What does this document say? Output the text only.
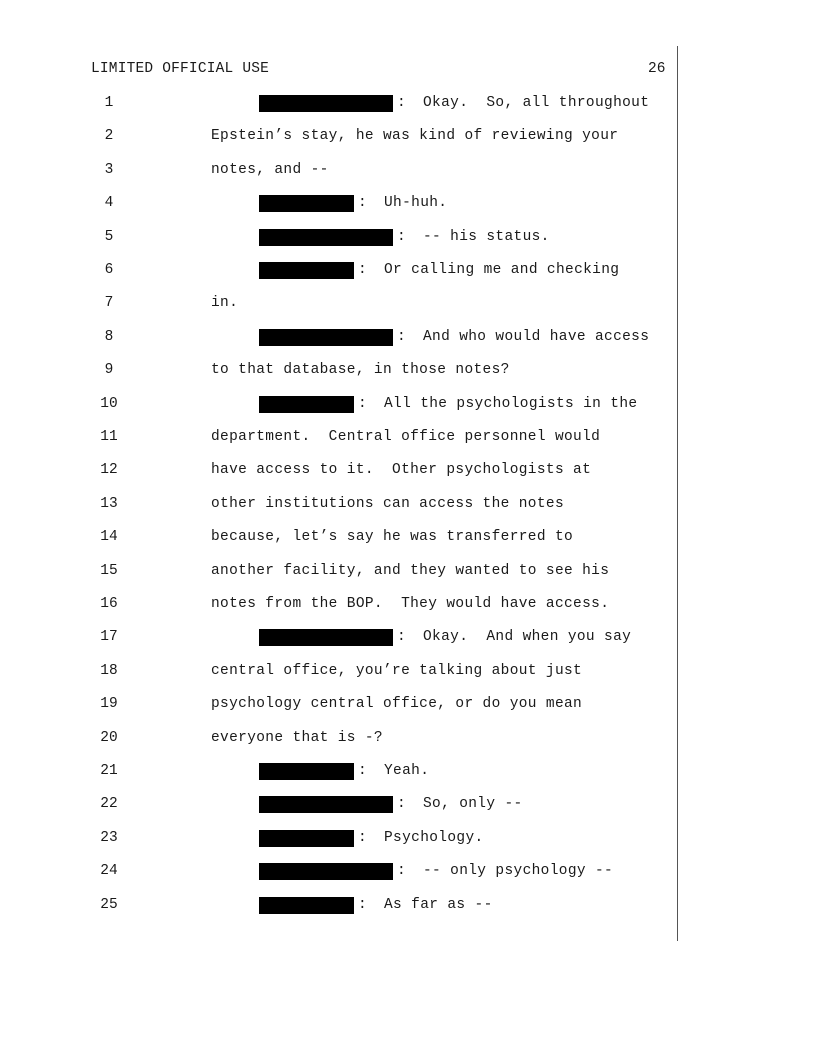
LIMITED OFFICIAL USE	26
1	: Okay.  So, all throughout
2	Epstein’s stay, he was kind of reviewing your
3	notes, and --
4	: Uh-huh.
5	: -- his status.
6	: Or calling me and checking
7	in.
8	: And who would have access
9	to that database, in those notes?
10	: All the psychologists in the
11	department.  Central office personnel would
12	have access to it.  Other psychologists at
13	other institutions can access the notes
14	because, let’s say he was transferred to
15	another facility, and they wanted to see his
16	notes from the BOP.  They would have access.
17	: Okay.  And when you say
18	central office, you’re talking about just
19	psychology central office, or do you mean
20	everyone that is -?
21	: Yeah.
22	: So, only --
23	: Psychology.
24	: -- only psychology --
25	: As far as --
